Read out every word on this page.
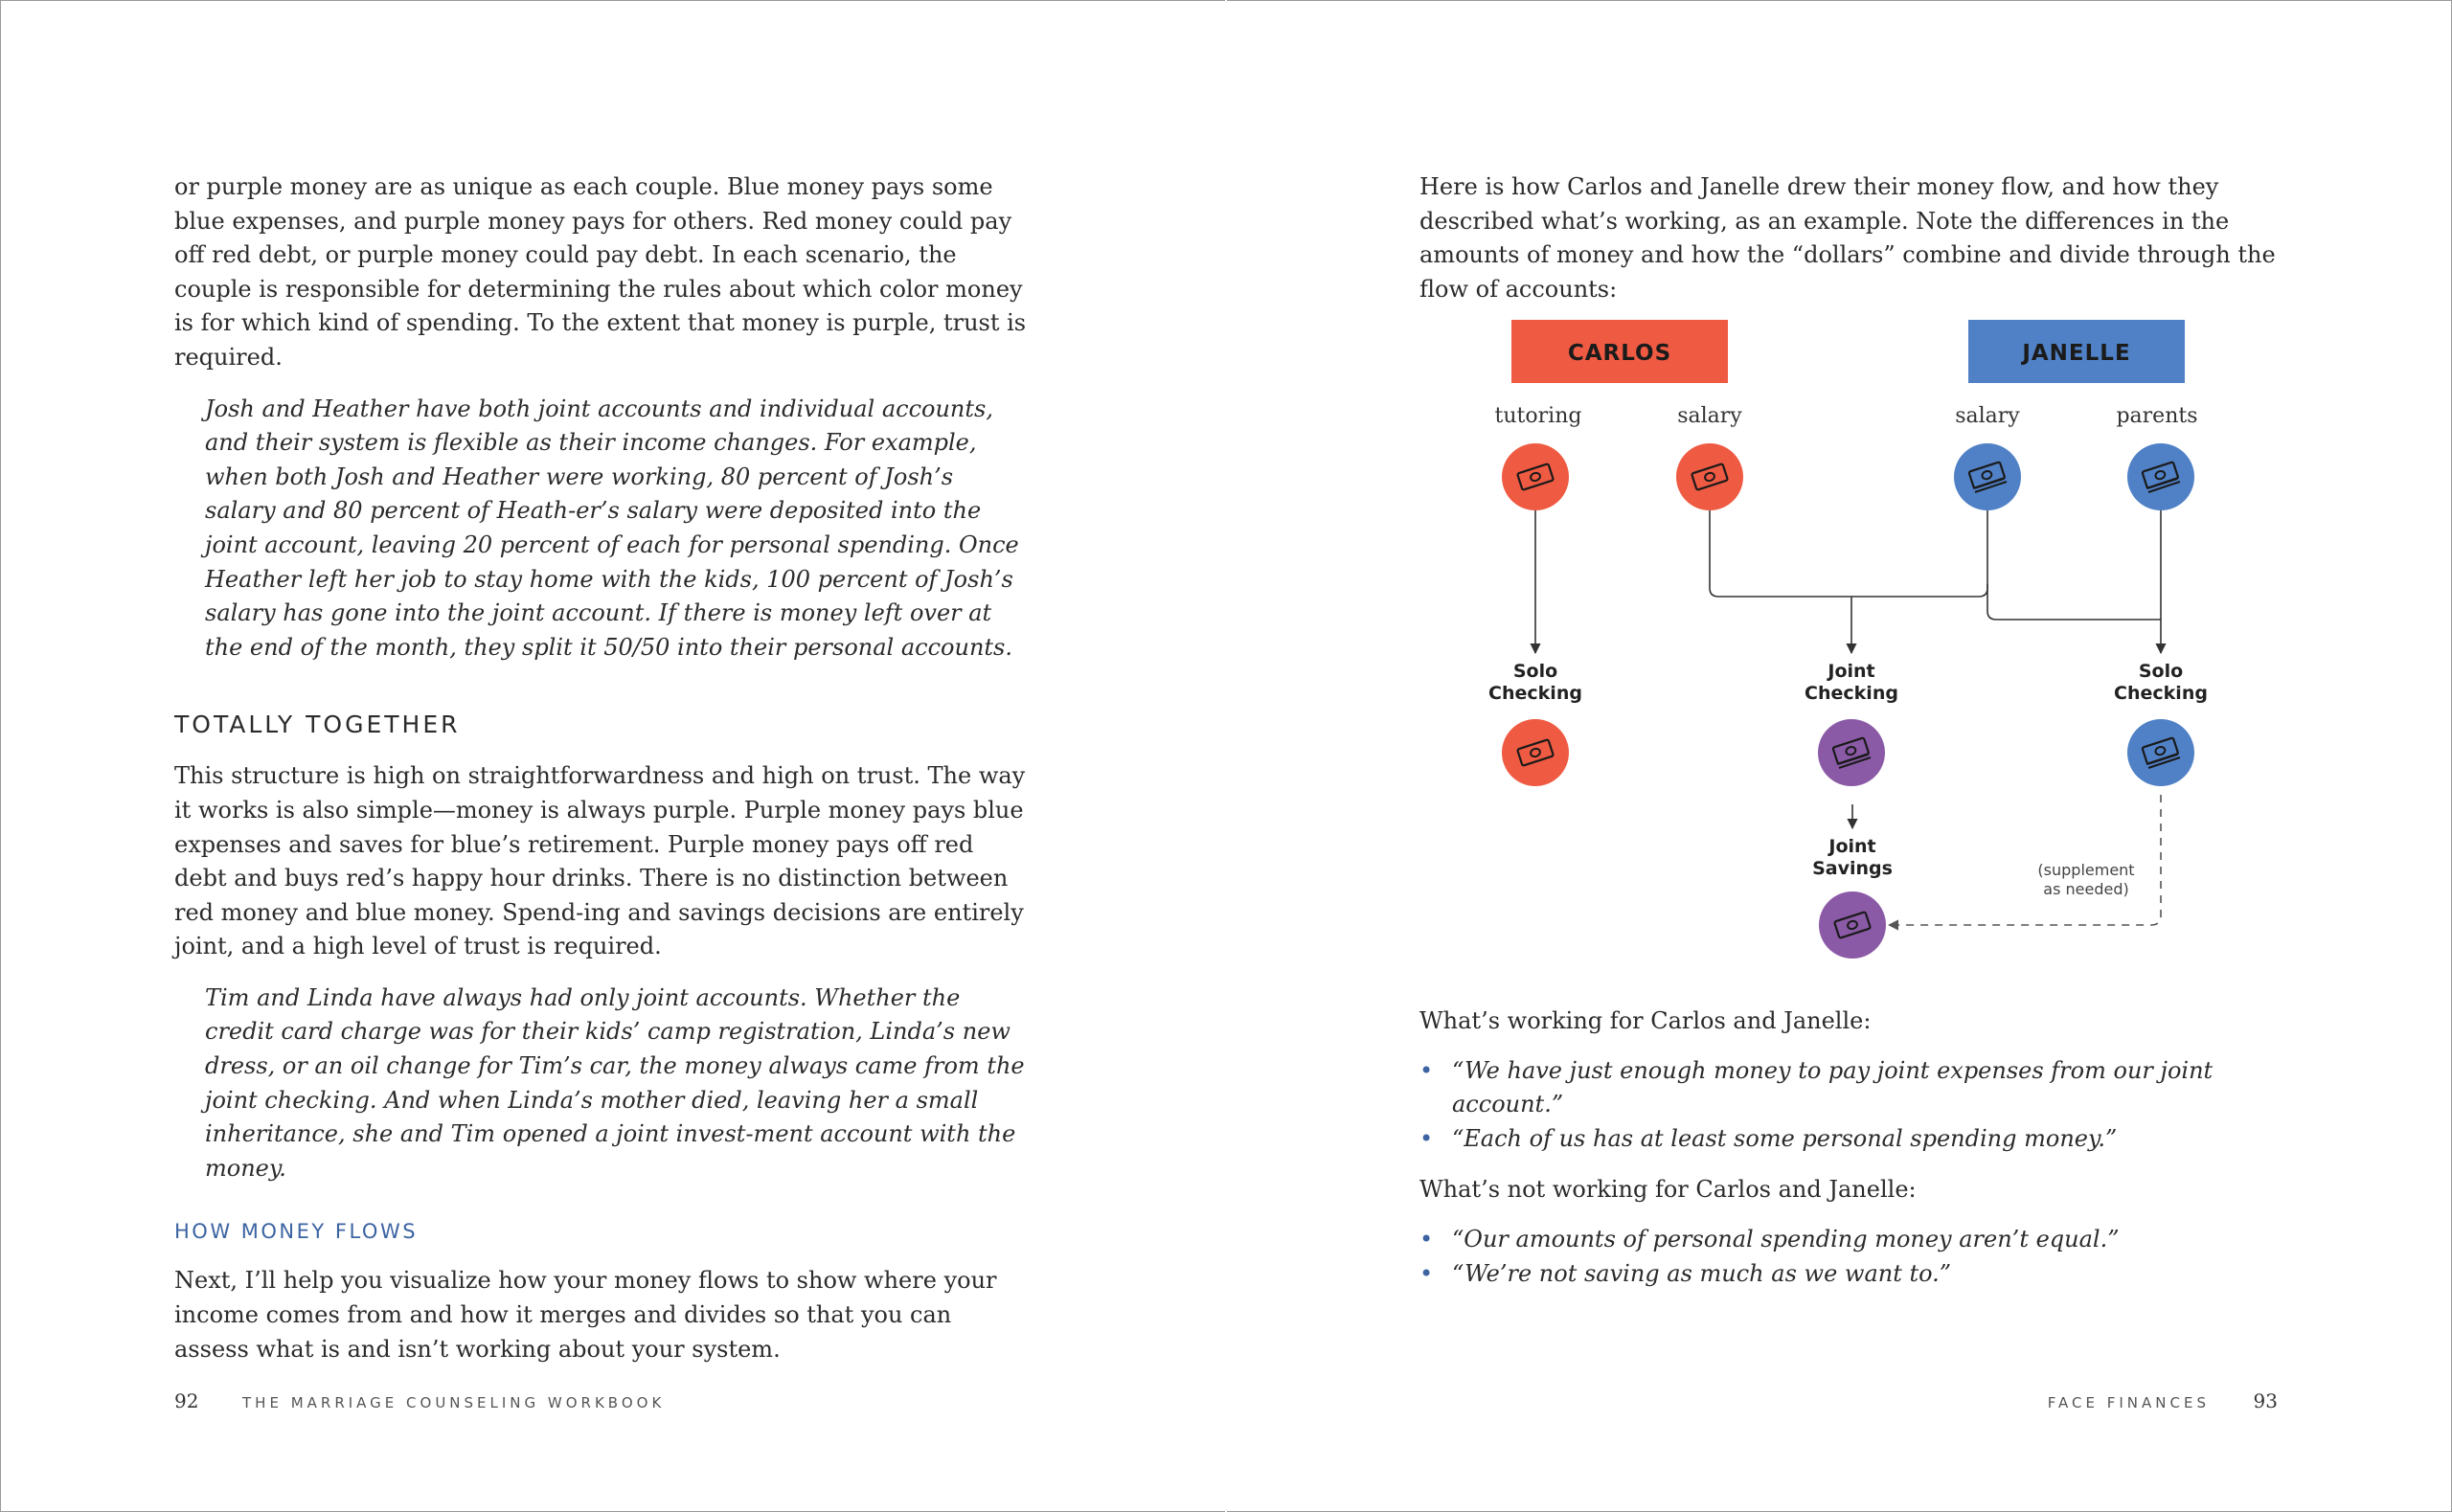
or purple money are as unique as each couple. Blue money pays some blue expenses, and purple money pays for others. Red money could pay off red debt, or purple money could pay debt. In each scenario, the couple is responsible for determining the rules about which color money is for which kind of spending. To the extent that money is purple, trust is required.

Josh and Heather have both joint accounts and individual accounts, and their system is flexible as their income changes. For example, when both Josh and Heather were working, 80 percent of Josh’s salary and 80 percent of Heath-er’s salary were deposited into the joint account, leaving 20 percent of each for personal spending. Once Heather left her job to stay home with the kids, 100 percent of Josh’s salary has gone into the joint account. If there is money left over at the end of the month, they split it 50/50 into their personal accounts.

TOTALLY TOGETHER

This structure is high on straightforwardness and high on trust. The way it works is also simple—money is always purple. Purple money pays blue expenses and saves for blue’s retirement. Purple money pays off red debt and buys red’s happy hour drinks. There is no distinction between red money and blue money. Spend-ing and savings decisions are entirely joint, and a high level of trust is required.

Tim and Linda have always had only joint accounts. Whether the credit card charge was for their kids’ camp registration, Linda’s new dress, or an oil change for Tim’s car, the money always came from the joint checking. And when Linda’s mother died, leaving her a small inheritance, she and Tim opened a joint invest-ment account with the money.

HOW MONEY FLOWS

Next, I’ll help you visualize how your money flows to show where your income comes from and how it merges and divides so that you can assess what is and isn’t working about your system.

92	THE MARRIAGE COUNSELING WORKBOOK

Here is how Carlos and Janelle drew their money flow, and how they described what’s working, as an example. Note the differences in the amounts of money and how the “dollars” combine and divide through the flow of accounts:

CARLOS	JANELLE
tutoring	salary	salary	parents
Solo
Checking
Joint
Checking
Solo
Checking
Joint
Savings	(supplement
as needed)

What’s working for Carlos and Janelle:

• “We have just enough money to pay joint expenses from our joint account.”
• “Each of us has at least some personal spending money.”

What’s not working for Carlos and Janelle:

• “Our amounts of personal spending money aren’t equal.”
• “We’re not saving as much as we want to.”
FACE FINANCES 93
